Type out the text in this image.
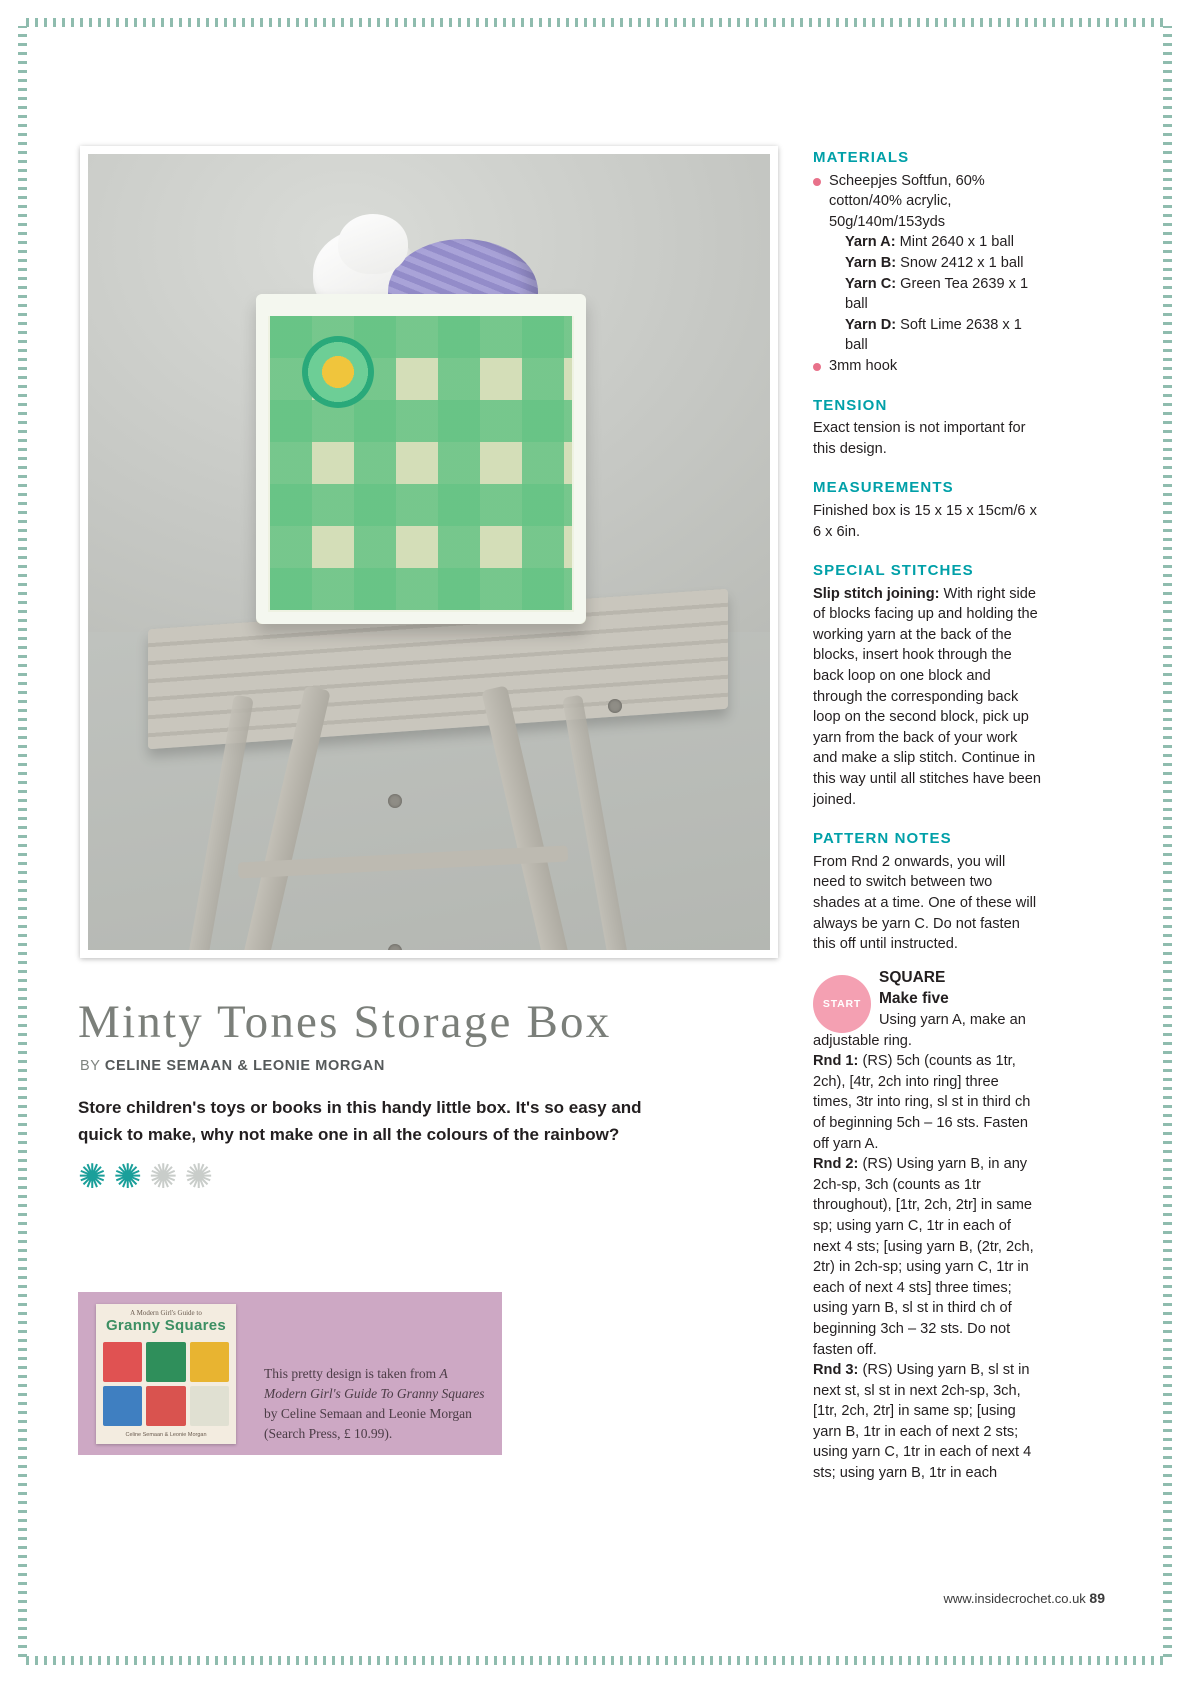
Minty Tones Storage Box
BY CELINE SEMAAN & LEONIE MORGAN
Store children's toys or books in this handy little box. It's so easy and quick to make, why not make one in all the colours of the rainbow?
✺✺✺✺
A Modern Girl's Guide to
Granny Squares
Celine Semaan & Leonie Morgan
This pretty design is taken from A Modern Girl's Guide To Granny Squares by Celine Semaan and Leonie Morgan (Search Press, £ 10.99).
MATERIALS
Scheepjes Softfun, 60% cotton/40% acrylic, 50g/140m/153yds
Yarn A: Mint 2640 x 1 ball
Yarn B: Snow 2412 x 1 ball
Yarn C: Green Tea 2639 x 1 ball
Yarn D: Soft Lime 2638 x 1 ball
3mm hook
TENSION

Exact tension is not important for this design.

MEASUREMENTS

Finished box is 15 x 15 x 15cm/6 x 6 x 6in.

SPECIAL STITCHES

Slip stitch joining: With right side of blocks facing up and holding the working yarn at the back of the blocks, insert hook through the back loop on one block and through the corresponding back loop on the second block, pick up yarn from the back of your work and make a slip stitch. Continue in this way until all stitches have been joined.

PATTERN NOTES

From Rnd 2 onwards, you will need to switch between two shades at a time. One of these will always be yarn C. Do not fasten this off until instructed.

START
SQUARE
Make five

Using yarn A, make an adjustable ring.

Rnd 1: (RS) 5ch (counts as 1tr, 2ch), [4tr, 2ch into ring] three times, 3tr into ring, sl st in third ch of beginning 5ch – 16 sts. Fasten off yarn A.

Rnd 2: (RS) Using yarn B, in any 2ch-sp, 3ch (counts as 1tr throughout), [1tr, 2ch, 2tr] in same sp; using yarn C, 1tr in each of next 4 sts; [using yarn B, (2tr, 2ch, 2tr) in 2ch-sp; using yarn C, 1tr in each of next 4 sts] three times; using yarn B, sl st in third ch of beginning 3ch – 32 sts. Do not fasten off.

Rnd 3: (RS) Using yarn B, sl st in next st, sl st in next 2ch-sp, 3ch, [1tr, 2ch, 2tr] in same sp; [using yarn B, 1tr in each of next 2 sts; using yarn C, 1tr in each of next 4 sts; using yarn B, 1tr in each

www.insidecrochet.co.uk 89
